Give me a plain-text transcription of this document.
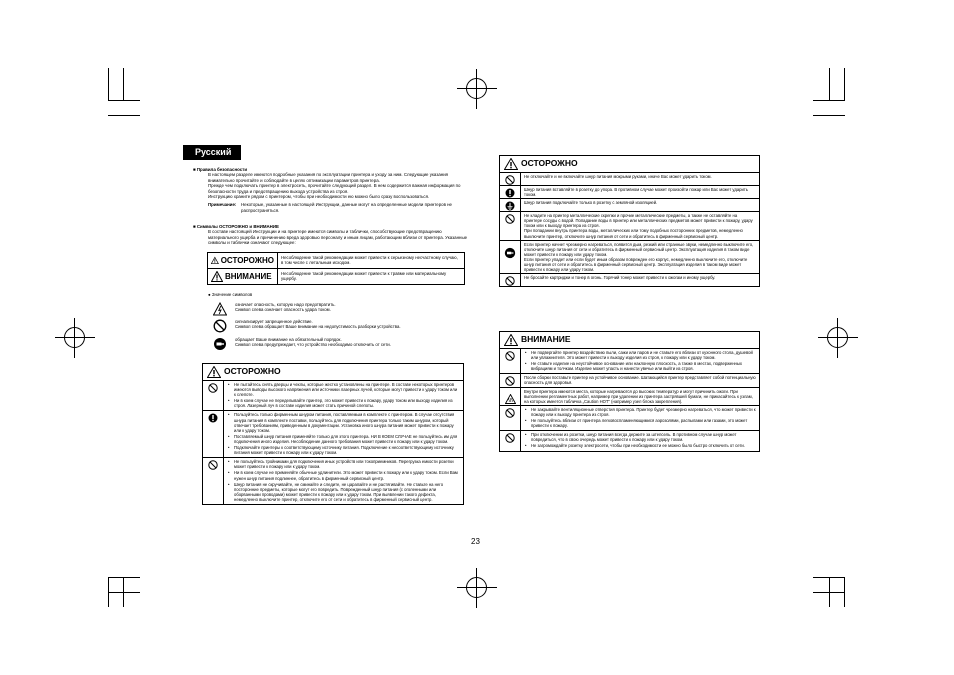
Русский
■ Правила безопасности
В настоящем разделе имеются подробные указания по эксплуатации принтера и уходу за ним. Следующие указания внимательно прочитайте и соблюдайте в целях оптимизации параметров принтера.
Прежде чем подключать принтер в электросеть, прочитайте следующий раздел. В нем содержится важная информация по безопасности труда и предотвращению выхода устройства из строя.
Инструкцию храните рядом с принтером, чтобы при необходимости ею можно было сразу воспользоваться.
Примечание: Некоторые, указанные в настоящей Инструкции, данные могут на определенные модели принтеров не распространяться.
■ Символы ОСТОРОЖНО и ВНИМАНИЕ
В составе настоящей Инструкции и на принтере имеются символы и таблички, способствующие предотвращению материального ущерба и причинению вреда здоровью персоналу и иным лицам, работающим вблизи от принтера. Указанные символы и таблички означают следующее:
ОСТОРОЖНО	Несоблюдение такой рекомендации может привести к серьезному несчастному случаю, в том числе с летальным исходом.
ВНИМАНИЕ	Несоблюдение такой рекомендации может привести к травме или материальному ущербу.
● Значение символов
означает опасность, которую надо предотвратить.
Символ слева означает опасность удара током.
сигнализирует запрещенное действие.
Символ слева обращает Ваше внимание на недопустимость разборки устройства.
обращает Ваше внимание на обязательный порядок.
Символ слева предупреждает, что устройство необходимо отключить от сети.
ОСТОРОЖНО
• Не пытайтесь снять дверцы и чехлы, которые жестко установлены на принтере. В составе некоторых принтеров имеются выводы высокого напряжения или источники лазерных лучей, которые могут привести к удару током или к слепоте.
• Ни в коем случае не переделывайте принтер, это может привести к пожару, удару током или выходу изделия из строя. Лазерный луч в составе изделия может стать причиной слепоты.
• Пользуйтесь только фирменным шнуром питания, поставляемым в комплекте с принтером. В случае отсутствия шнура питания в комплекте поставки, пользуйтесь для подключения принтера только таким шнуром, который отвечает требованиям, приведенным в документации. Установка иного шнура питания может привести к пожару или к удару током.
• Поставляемый шнур питания применяйте только для этого принтера. НИ В КОЕМ СЛУЧАЕ не пользуйтесь им для подключения иного изделия. Несоблюдение данного требования может привести к пожару или к удару током.
• Подключайте принтеры к соответствующему источнику питания. Подключение к несоответствующему источнику питания может привести к пожару или к удару током.
• Не пользуйтесь тройниками для подключения иных устройств или токоприемников. Перегрузка емкости розетки может привести к пожару или к удару током.
• Ни в коем случае не применяйте обычные удлинители. Это может привести к пожару или к удару током. Если Вам нужен шнур питания подлиннее, обратитесь в фирменный сервисный центр.
• Шнур питания не скручивайте, не сминайте и следите, не царапайте и не растягивайте. Не ставьте на него посторонние предметы, которые могут его повредить. Поврежденный шнур питания (с оголенными или оборванными проводами) может привести к пожару или к удару током. При выявлении такого дефекта, немедленно выключите принтер, отключите его от сети и обратитесь в фирменный сервисный центр.
ОСТОРОЖНО
Не отключайте и не включайте шнур питания мокрыми руками, иначе Вас может ударить током.
Шнур питания вставляйте в розетку до упора. В противном случае может произойти пожар или Вас может ударить током.
Шнур питания подключайте только в розетку с земляной изоляцией.
Не кладите на принтер металлические скрепки и прочие металлические предметы, а также не оставляйте на принтере сосуды с водой. Попадание воды в принтер или металлических предметов может привести к пожару, удару током или к выходу принтера из строя.
При попадании внутрь принтера воды, металлических или тому подобных посторонних предметов, немедленно выключите принтер, отключите шнур питания от сети и обратитесь в фирменный сервисный центр.
Если принтер начнет чрезмерно нагреваться, появится дым, резкий или странные звуки, немедленно выключите его, отключите шнур питания от сети и обратитесь в фирменный сервисный центр. Эксплуатация изделия в таком виде может привести к пожару или удару током.
Если принтер упадет или если будет иным образом поврежден его корпус, немедленно выключите его, отключите шнур питания от сети и обратитесь в фирменный сервисный центр. Эксплуатация изделия в таком виде может привести к пожару или удару током.
Не бросайте картриджи и тонер в огонь. Горячий тонер может привести к ожогам и иному ущербу.
ВНИМАНИЕ
• Не подвергайте принтер воздействию пыли, сажи или паров и не ставьте его вблизи от кухонного стола, душевой или увлажнителя. Это может привести к выходу изделия из строя, к пожару или к удару током.
• Не ставьте изделие на неустойчивое основание или наклонную плоскость, а также в местах, подверженных вибрациям и толчкам. Изделие может упасть и нанести увечье или выйти из строя.
После сборки поставьте принтер на устойчивое основание. Шатающийся принтер представляет собой потенциальную опасность для здоровья.
Внутри принтера имеются места, которые нагреваются до высоких температур и могут причинить ожоги. При выполнении регламентных работ, например при удалении из принтера застрявшей бумаги, не прикасайтесь к узлам, на которых имеется табличка „Caution HOT" (например узел блока закрепления).
• Не закрывайте вентиляционные отверстия принтера. Принтер будет чрезмерно нагреваться, что может привести к пожару или к выходу принтера из строя.
• Не пользуйтесь вблизи от принтера легковоспламеняющимися аэрозолями, распылами или газами, это может привести к пожару.
• При отключении из розетки, шнур питания всегда держите за штепсель. В противном случае шнур может повредиться, что в свою очередь может привести к пожару или к удару током.
• Не загромождайте розетку электросети, чтобы при необходимости ее можно было быстро отключить от сети.
23
